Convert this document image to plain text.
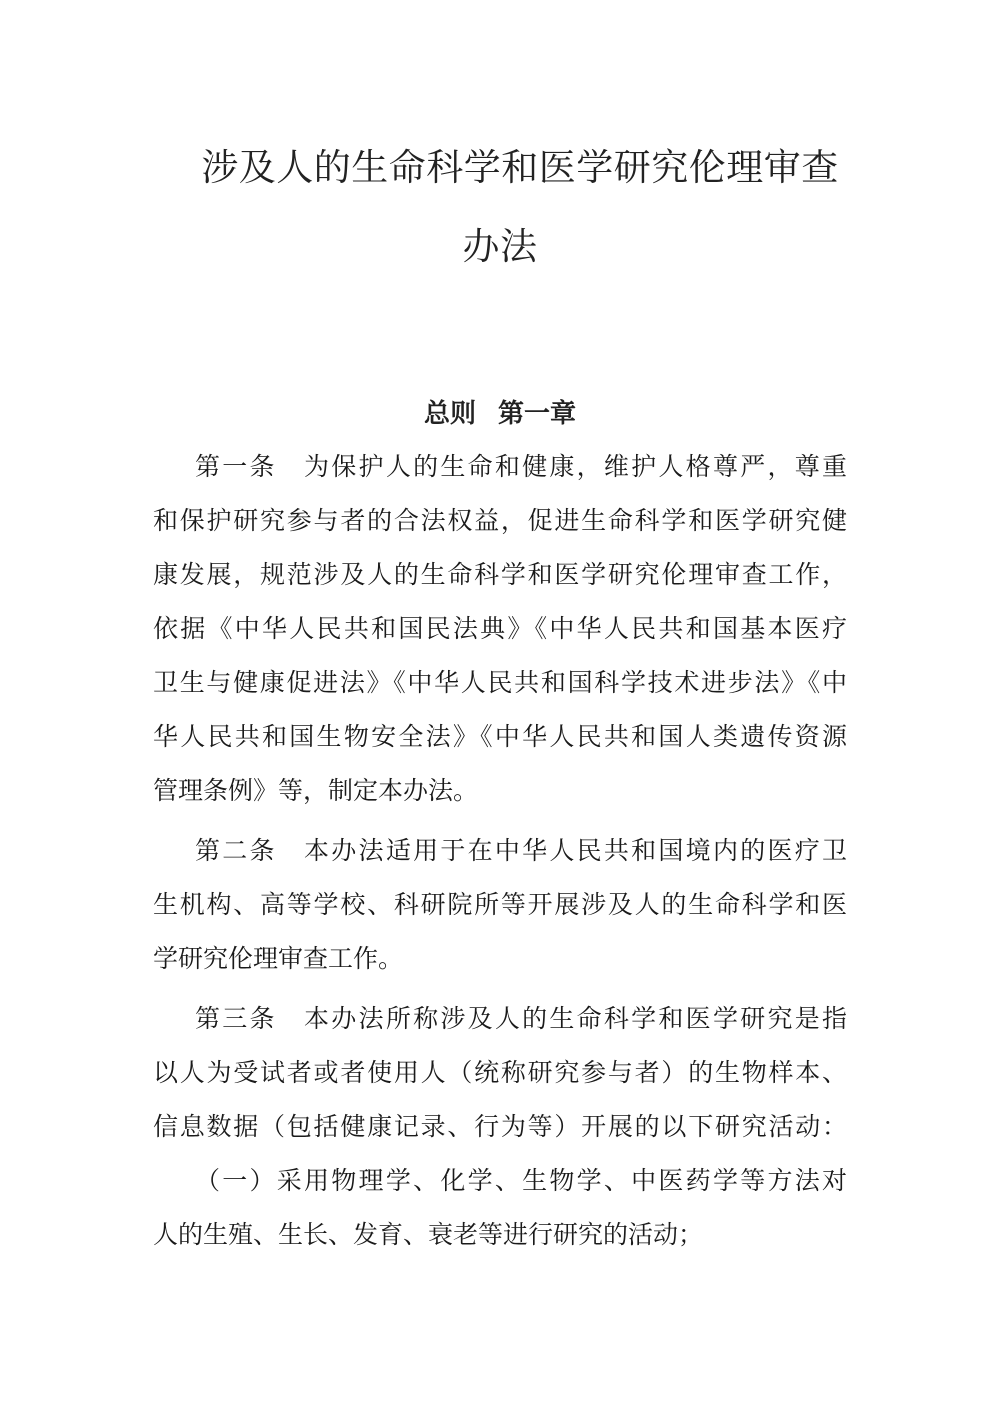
涉及人的生命科学和医学研究伦理审查
办法
总则 第一章
第一条　为保护人的生命和健康，维护人格尊严，尊重
和保护研究参与者的合法权益，促进生命科学和医学研究健
康发展，规范涉及人的生命科学和医学研究伦理审查工作，
依据《中华人民共和国民法典》《中华人民共和国基本医疗
卫生与健康促进法》《中华人民共和国科学技术进步法》《中
华人民共和国生物安全法》《中华人民共和国人类遗传资源
管理条例》等，制定本办法。
第二条　本办法适用于在中华人民共和国境内的医疗卫
生机构、高等学校、科研院所等开展涉及人的生命科学和医
学研究伦理审查工作。
第三条　本办法所称涉及人的生命科学和医学研究是指
以人为受试者或者使用人（统称研究参与者）的生物样本、
信息数据（包括健康记录、行为等）开展的以下研究活动：
（一）采用物理学、化学、生物学、中医药学等方法对
人的生殖、生长、发育、衰老等进行研究的活动；
